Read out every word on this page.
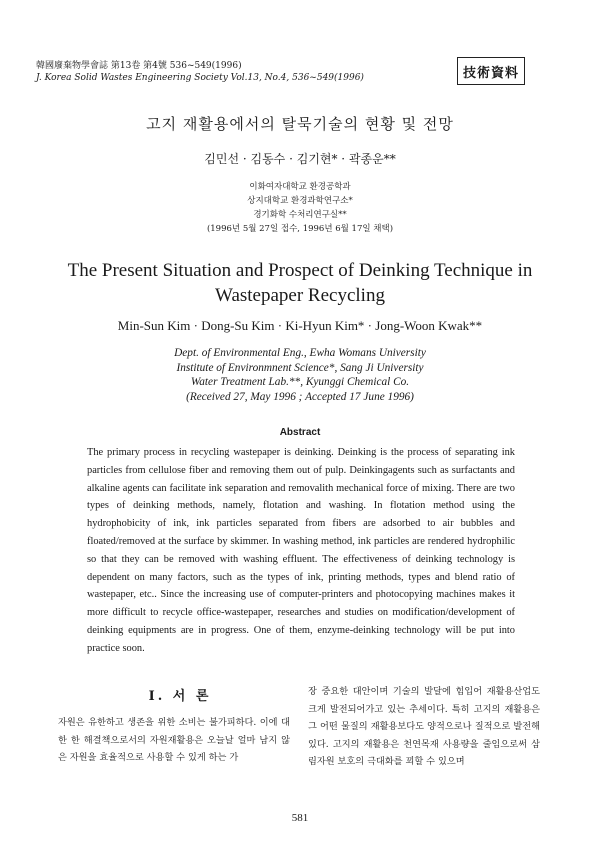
韓國廢棄物學會誌 第13卷 第4號 536~549(1996)
J. Korea Solid Wastes Engineering Society Vol.13, No.4, 536~549(1996)	技術資料
고지 재활용에서의 탈묵기술의 현황 및 전망
김민선 · 김동수 · 김기현* · 곽종운**
이화여자대학교 환경공학과
상지대학교 환경과학연구소*
경기화학 수처리연구실**
(1996년 5월 27일 접수, 1996년 6월 17일 채택)
The Present Situation and Prospect of Deinking Technique in
Wastepaper Recycling
Min-Sun Kim · Dong-Su Kim · Ki-Hyun Kim* · Jong-Woon Kwak**
Dept. of Environmental Eng., Ewha Womans University
Institute of Environmnent Science*, Sang Ji University
Water Treatment Lab.**, Kyunggi Chemical Co.
(Received 27, May 1996 ; Accepted 17 June 1996)
Abstract
The primary process in recycling wastepaper is deinking. Deinking is the process of separating ink particles from cellulose fiber and removing them out of pulp. Deinkingagents such as surfactants and alkaline agents can facilitate ink separation and removalith mechanical force of mixing. There are two types of deinking methods, namely, flotation and washing. In flotation method using the hydrophobicity of ink, ink particles separated from fibers are adsorbed to air bubbles and floated/removed at the surface by skimmer. In washing method, ink particles are rendered hydrophilic so that they can be removed with washing effluent. The effectiveness of deinking technology is dependent on many factors, such as the types of ink, printing methods, types and blend ratio of wastepaper, etc.. Since the increasing use of computer-printers and photocopying machines makes it more difficult to recycle office-wastepaper, researches and studies on modification/development of deinking equipments are in progress. One of them, enzyme-deinking technology will be put into practice soon.
Ⅰ. 서 론
자원은 유한하고 생존을 위한 소비는 불가피하다. 이에 대한 한 해결책으로서의 자원재활용은 오늘날 얼마 남지 않은 자원을 효율적으로 사용할 수 있게 하는 가
장 중요한 대안이며 기술의 발달에 힘입어 재활용산업도 크게 발전되어가고 있는 추세이다. 특히 고지의 재활용은 그 어떤 물질의 재활용보다도 양적으로나 질적으로 발전해 있다. 고지의 재활용은 천연목재 사용량을 줄임으로써 삼림자원 보호의 극대화를 꾀할 수 있으며
581
